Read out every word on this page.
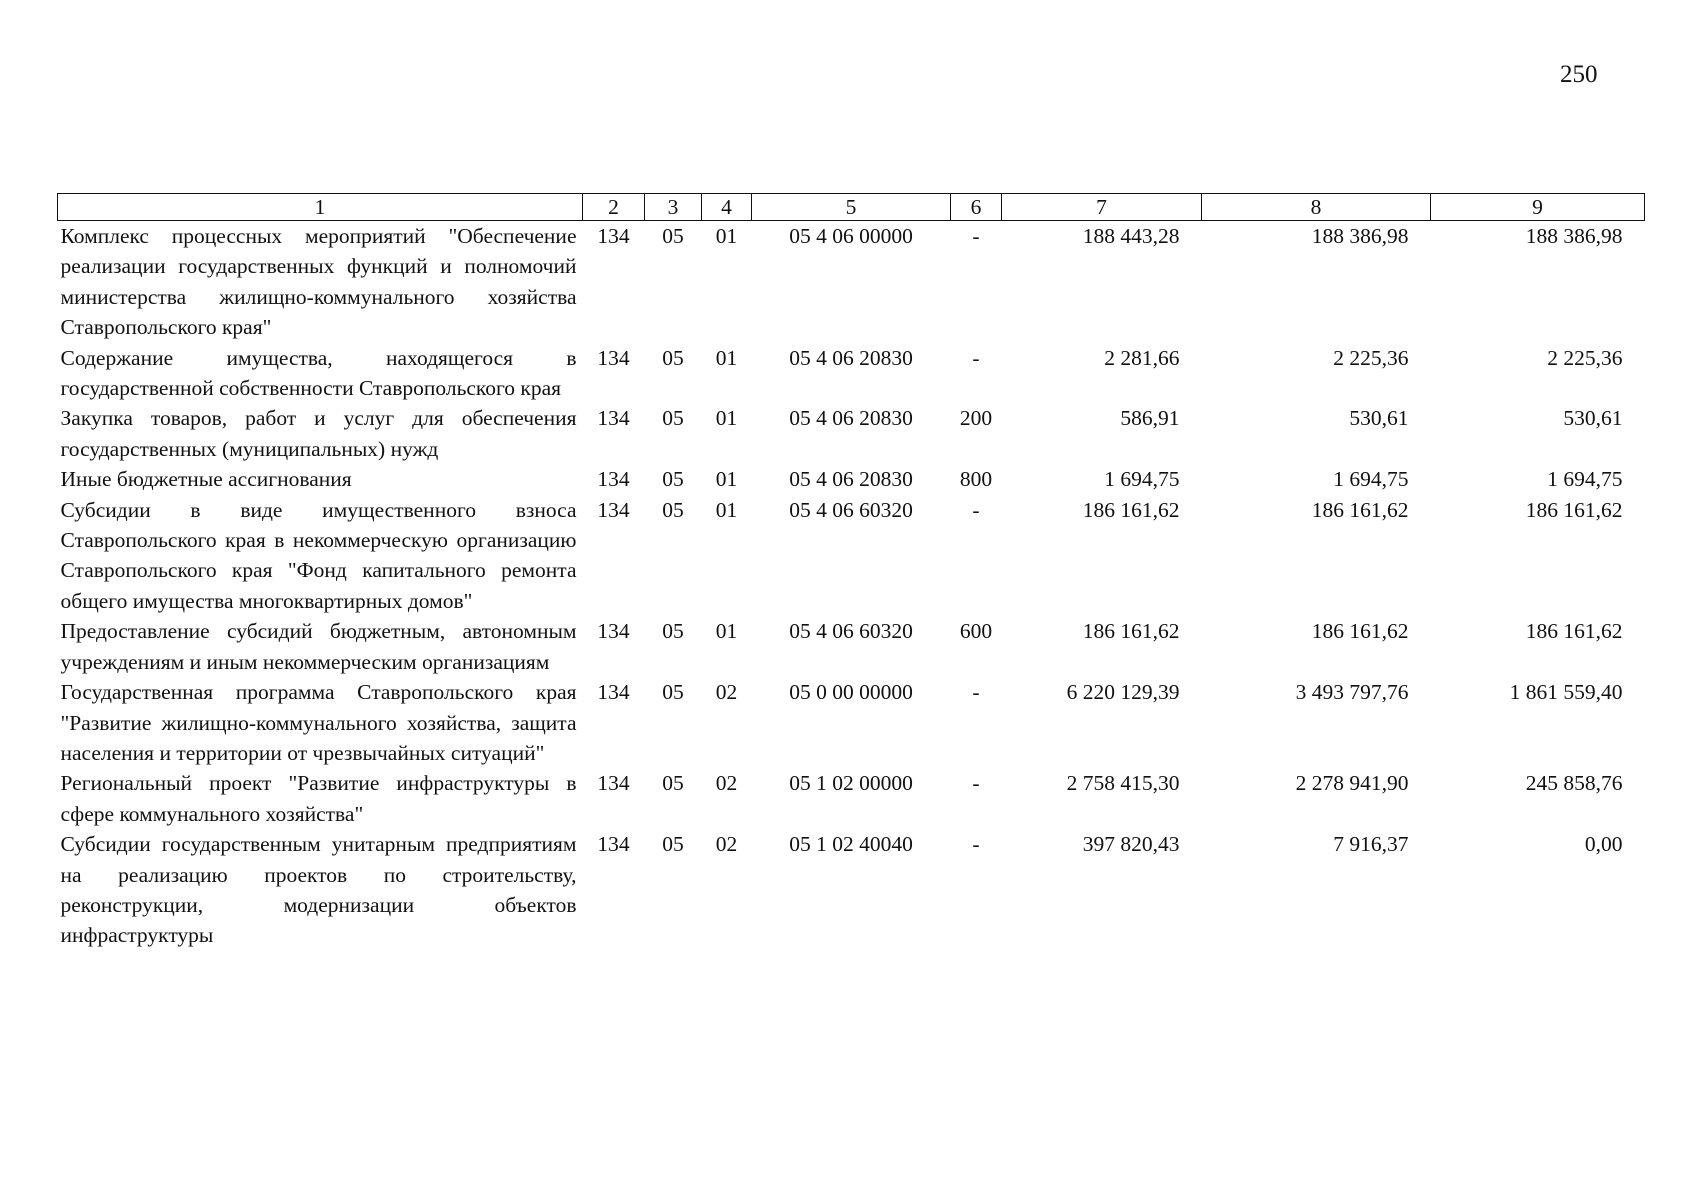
250
1	2	3	4	5	6	7	8	9
Комплекс процессных мероприятий "Обеспечение реализации государственных функций и полномочий министерства жилищно-коммунального хозяйства Ставропольского края"	134	05	01	05 4 06 00000	-	188 443,28	188 386,98	188 386,98
Содержание имущества, находящегося в государственной собственности Ставропольского края	134	05	01	05 4 06 20830	-	2 281,66	2 225,36	2 225,36
Закупка товаров, работ и услуг для обеспечения государственных (муниципальных) нужд	134	05	01	05 4 06 20830	200	586,91	530,61	530,61
Иные бюджетные ассигнования	134	05	01	05 4 06 20830	800	1 694,75	1 694,75	1 694,75
Субсидии в виде имущественного взноса Ставропольского края в некоммерческую организацию Ставропольского края "Фонд капитального ремонта общего имущества многоквартирных домов"	134	05	01	05 4 06 60320	-	186 161,62	186 161,62	186 161,62
Предоставление субсидий бюджетным, автономным учреждениям и иным некоммерческим организациям	134	05	01	05 4 06 60320	600	186 161,62	186 161,62	186 161,62
Государственная программа Ставропольского края "Развитие жилищно-коммунального хозяйства, защита населения и территории от чрезвычайных ситуаций"	134	05	02	05 0 00 00000	-	6 220 129,39	3 493 797,76	1 861 559,40
Региональный проект "Развитие инфраструктуры в сфере коммунального хозяйства"	134	05	02	05 1 02 00000	-	2 758 415,30	2 278 941,90	245 858,76
Субсидии государственным унитарным предприятиям на реализацию проектов по строительству, реконструкции, модернизации объектов инфраструктуры	134	05	02	05 1 02 40040	-	397 820,43	7 916,37	0,00
